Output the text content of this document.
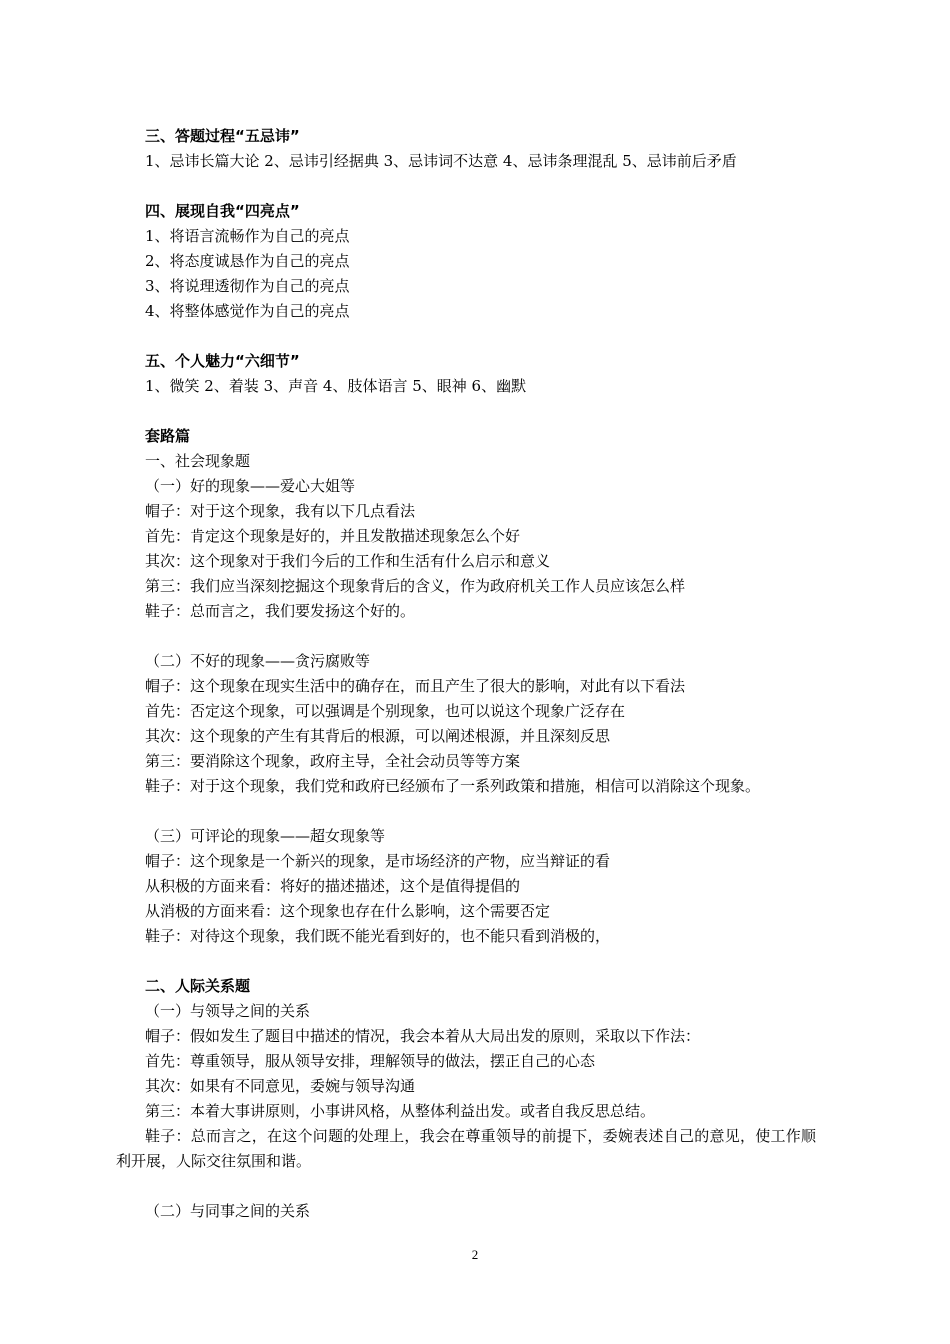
三、答题过程“五忌讳”
1、忌讳长篇大论 2、忌讳引经据典 3、忌讳词不达意 4、忌讳条理混乱 5、忌讳前后矛盾
四、展现自我“四亮点”
1、将语言流畅作为自己的亮点
2、将态度诚恳作为自己的亮点
3、将说理透彻作为自己的亮点
4、将整体感觉作为自己的亮点
五、个人魅力“六细节”
1、微笑 2、着装 3、声音 4、肢体语言 5、眼神 6、幽默
套路篇
一、社会现象题
（一）好的现象——爱心大姐等
帽子：对于这个现象，我有以下几点看法
首先：肯定这个现象是好的，并且发散描述现象怎么个好
其次：这个现象对于我们今后的工作和生活有什么启示和意义
第三：我们应当深刻挖掘这个现象背后的含义，作为政府机关工作人员应该怎么样
鞋子：总而言之，我们要发扬这个好的。
（二）不好的现象——贪污腐败等
帽子：这个现象在现实生活中的确存在，而且产生了很大的影响，对此有以下看法
首先：否定这个现象，可以强调是个别现象，也可以说这个现象广泛存在
其次：这个现象的产生有其背后的根源，可以阐述根源，并且深刻反思
第三：要消除这个现象，政府主导，全社会动员等等方案
鞋子：对于这个现象，我们党和政府已经颁布了一系列政策和措施，相信可以消除这个现象。
（三）可评论的现象——超女现象等
帽子：这个现象是一个新兴的现象，是市场经济的产物，应当辩证的看
从积极的方面来看：将好的描述描述，这个是值得提倡的
从消极的方面来看：这个现象也存在什么影响，这个需要否定
鞋子：对待这个现象，我们既不能光看到好的，也不能只看到消极的，
二、人际关系题
（一）与领导之间的关系
帽子：假如发生了题目中描述的情况，我会本着从大局出发的原则，采取以下作法：
首先：尊重领导，服从领导安排，理解领导的做法，摆正自己的心态
其次：如果有不同意见，委婉与领导沟通
第三：本着大事讲原则，小事讲风格，从整体利益出发。或者自我反思总结。
鞋子：总而言之，在这个问题的处理上，我会在尊重领导的前提下，委婉表述自己的意见，使工作顺利开展，人际交往氛围和谐。
（二）与同事之间的关系
2
